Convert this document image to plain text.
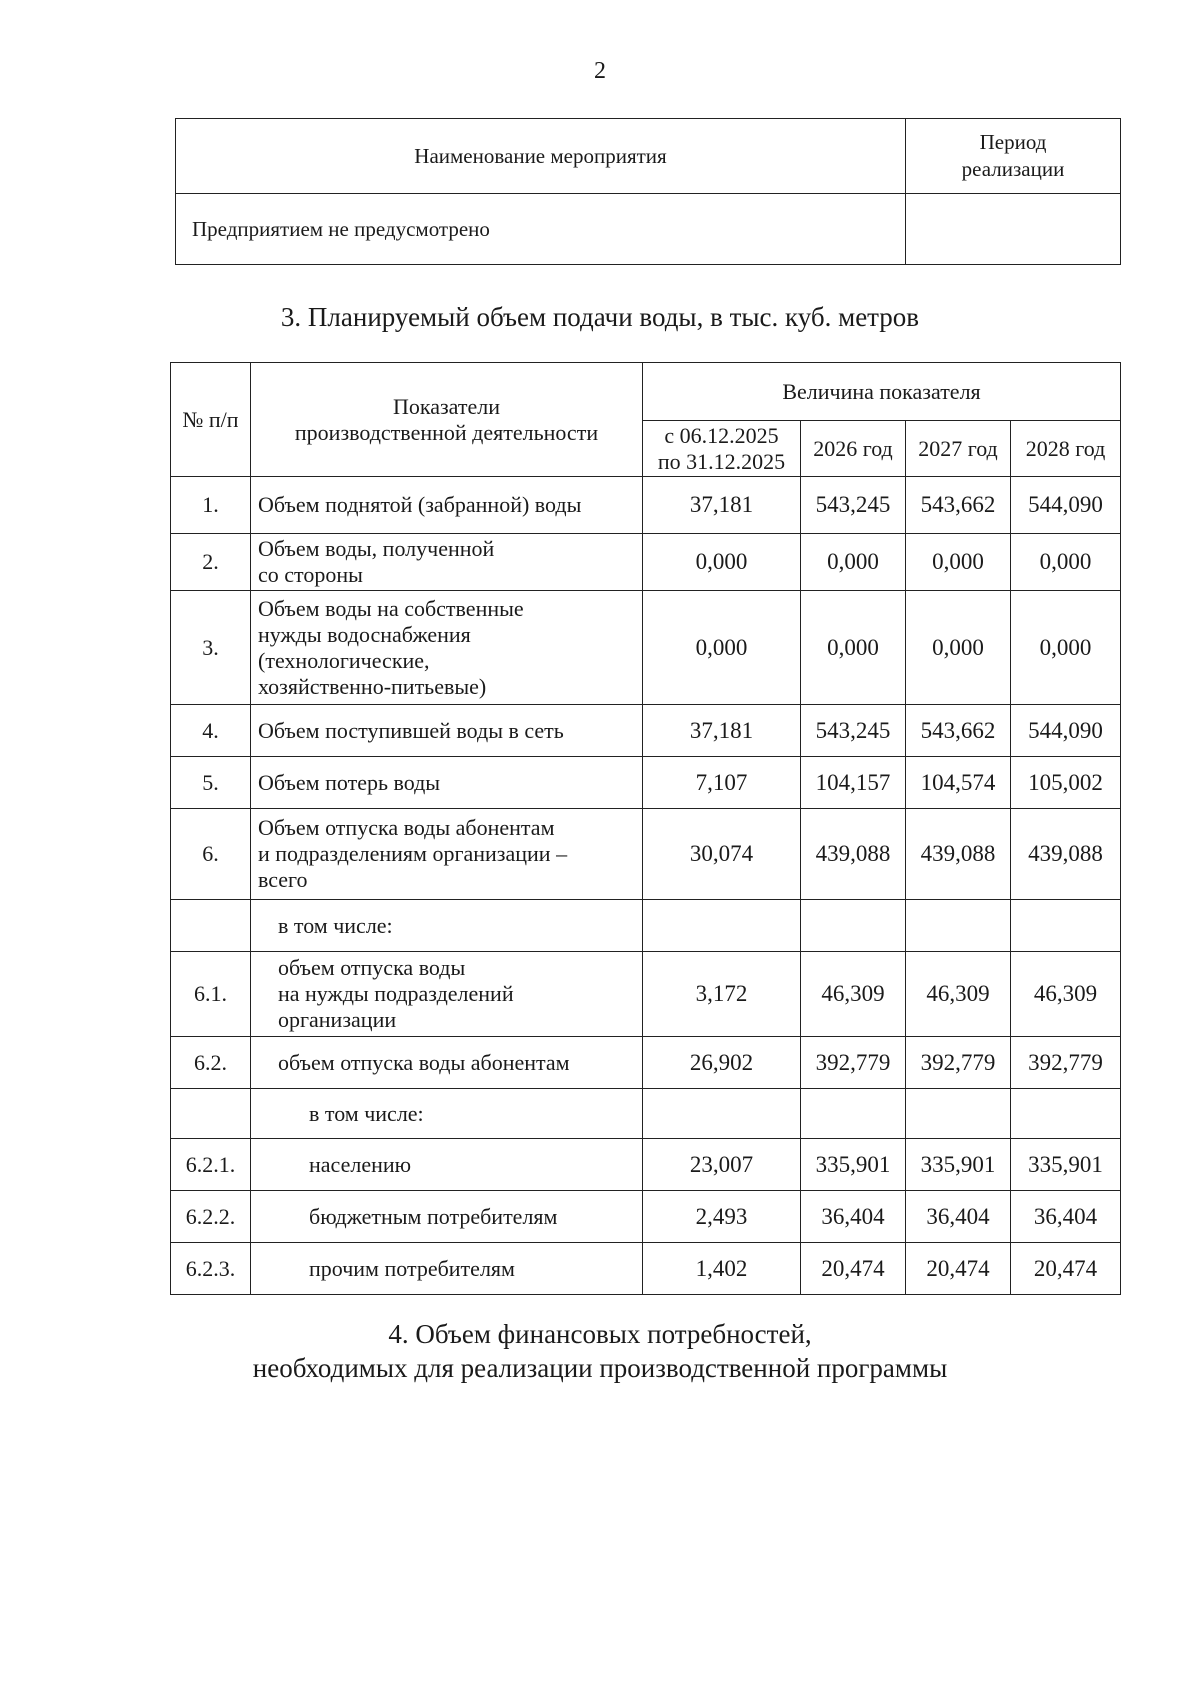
2
Наименование мероприятия	Период
реализации

Предприятием не предусмотрено	
3. Планируемый объем подачи воды, в тыс. куб. метров
№ п/п	Показатели
производственной деятельности	Величина показателя			

		с 06.12.2025
по 31.12.2025	2026 год	2027 год	2028 год
1.	Объем поднятой (забранной) воды	37,181	543,245	543,662	544,090
2.	Объем воды, полученной
со стороны	0,000	0,000	0,000	0,000
3.	Объем воды на собственные
нужды водоснабжения
(технологические,
хозяйственно-питьевые)	0,000	0,000	0,000	0,000
4.	Объем поступившей воды в сеть	37,181	543,245	543,662	544,090
5.	Объем потерь воды	7,107	104,157	104,574	105,002
6.	Объем отпуска воды абонентам
и подразделениям организации –
всего	30,074	439,088	439,088	439,088

	в том числе:				

6.1.	объем отпуска воды
на нужды подразделений
организации	3,172	46,309	46,309	46,309
6.2.	объем отпуска воды абонентам	26,902	392,779	392,779	392,779

	в том числе:				

6.2.1.	населению	23,007	335,901	335,901	335,901
6.2.2.	бюджетным потребителям	2,493	36,404	36,404	36,404
6.2.3.	прочим потребителям	1,402	20,474	20,474	20,474
4. Объем финансовых потребностей,
необходимых для реализации производственной программы
